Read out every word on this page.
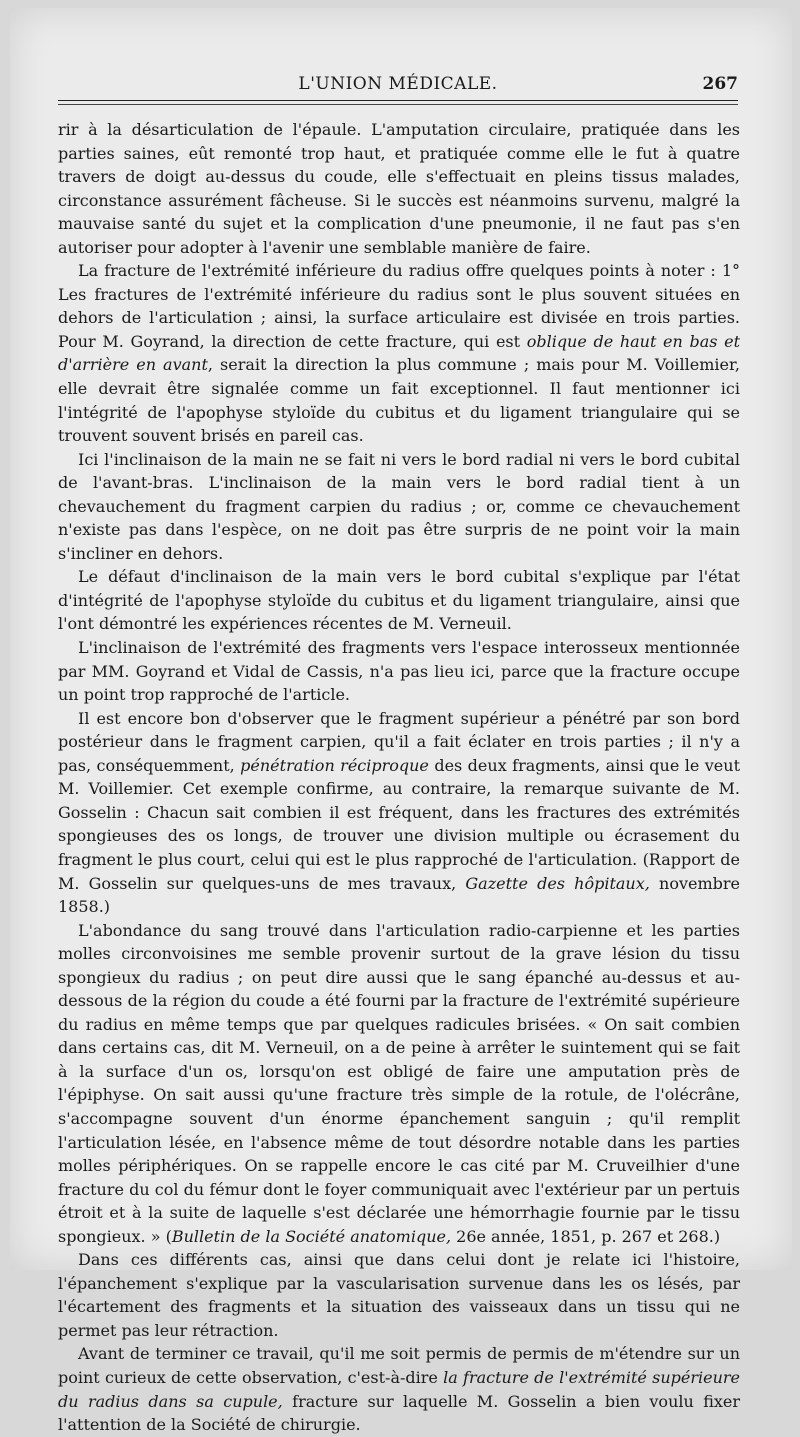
L'UNION MÉDICALE.	267

rir à la désarticulation de l'épaule. L'amputation circulaire, pratiquée dans les parties saines, eût remonté trop haut, et pratiquée comme elle le fut à quatre travers de doigt au-dessus du coude, elle s'effectuait en pleins tissus malades, circonstance assurément fâcheuse. Si le succès est néanmoins survenu, malgré la mauvaise santé du sujet et la complication d'une pneumonie, il ne faut pas s'en autoriser pour adopter à l'avenir une semblable manière de faire.

La fracture de l'extrémité inférieure du radius offre quelques points à noter : 1° Les fractures de l'extrémité inférieure du radius sont le plus souvent situées en dehors de l'articulation ; ainsi, la surface articulaire est divisée en trois parties. Pour M. Goyrand, la direction de cette fracture, qui est oblique de haut en bas et d'arrière en avant, serait la direction la plus commune ; mais pour M. Voillemier, elle devrait être signalée comme un fait exceptionnel. Il faut mentionner ici l'intégrité de l'apophyse styloïde du cubitus et du ligament triangulaire qui se trouvent souvent brisés en pareil cas.

Ici l'inclinaison de la main ne se fait ni vers le bord radial ni vers le bord cubital de l'avant-bras. L'inclinaison de la main vers le bord radial tient à un chevauchement du fragment carpien du radius ; or, comme ce chevauchement n'existe pas dans l'espèce, on ne doit pas être surpris de ne point voir la main s'incliner en dehors.

Le défaut d'inclinaison de la main vers le bord cubital s'explique par l'état d'intégrité de l'apophyse styloïde du cubitus et du ligament triangulaire, ainsi que l'ont démontré les expériences récentes de M. Verneuil.

L'inclinaison de l'extrémité des fragments vers l'espace interosseux mentionnée par MM. Goyrand et Vidal de Cassis, n'a pas lieu ici, parce que la fracture occupe un point trop rapproché de l'article.

Il est encore bon d'observer que le fragment supérieur a pénétré par son bord postérieur dans le fragment carpien, qu'il a fait éclater en trois parties ; il n'y a pas, conséquemment, pénétration réciproque des deux fragments, ainsi que le veut M. Voillemier. Cet exemple confirme, au contraire, la remarque suivante de M. Gosselin : Chacun sait combien il est fréquent, dans les fractures des extrémités spongieuses des os longs, de trouver une division multiple ou écrasement du fragment le plus court, celui qui est le plus rapproché de l'articulation. (Rapport de M. Gosselin sur quelques-uns de mes travaux, Gazette des hôpitaux, novembre 1858.)

L'abondance du sang trouvé dans l'articulation radio-carpienne et les parties molles circonvoisines me semble provenir surtout de la grave lésion du tissu spongieux du radius ; on peut dire aussi que le sang épanché au-dessus et au-dessous de la région du coude a été fourni par la fracture de l'extrémité supérieure du radius en même temps que par quelques radicules brisées. « On sait combien dans certains cas, dit M. Verneuil, on a de peine à arrêter le suintement qui se fait à la surface d'un os, lorsqu'on est obligé de faire une amputation près de l'épiphyse. On sait aussi qu'une fracture très simple de la rotule, de l'olécrâne, s'accompagne souvent d'un énorme épanchement sanguin ; qu'il remplit l'articulation lésée, en l'absence même de tout désordre notable dans les parties molles périphériques. On se rappelle encore le cas cité par M. Cruveilhier d'une fracture du col du fémur dont le foyer communiquait avec l'extérieur par un pertuis étroit et à la suite de laquelle s'est déclarée une hémorrhagie fournie par le tissu spongieux. » (Bulletin de la Société anatomique, 26e année, 1851, p. 267 et 268.)

Dans ces différents cas, ainsi que dans celui dont je relate ici l'histoire, l'épanchement s'explique par la vascularisation survenue dans les os lésés, par l'écartement des fragments et la situation des vaisseaux dans un tissu qui ne permet pas leur rétraction.

Avant de terminer ce travail, qu'il me soit permis de permis de m'étendre sur un point curieux de cette observation, c'est-à-dire la fracture de l'extrémité supérieure du radius dans sa cupule, fracture sur laquelle M. Gosselin a bien voulu fixer l'attention de la Société de chirurgie.
